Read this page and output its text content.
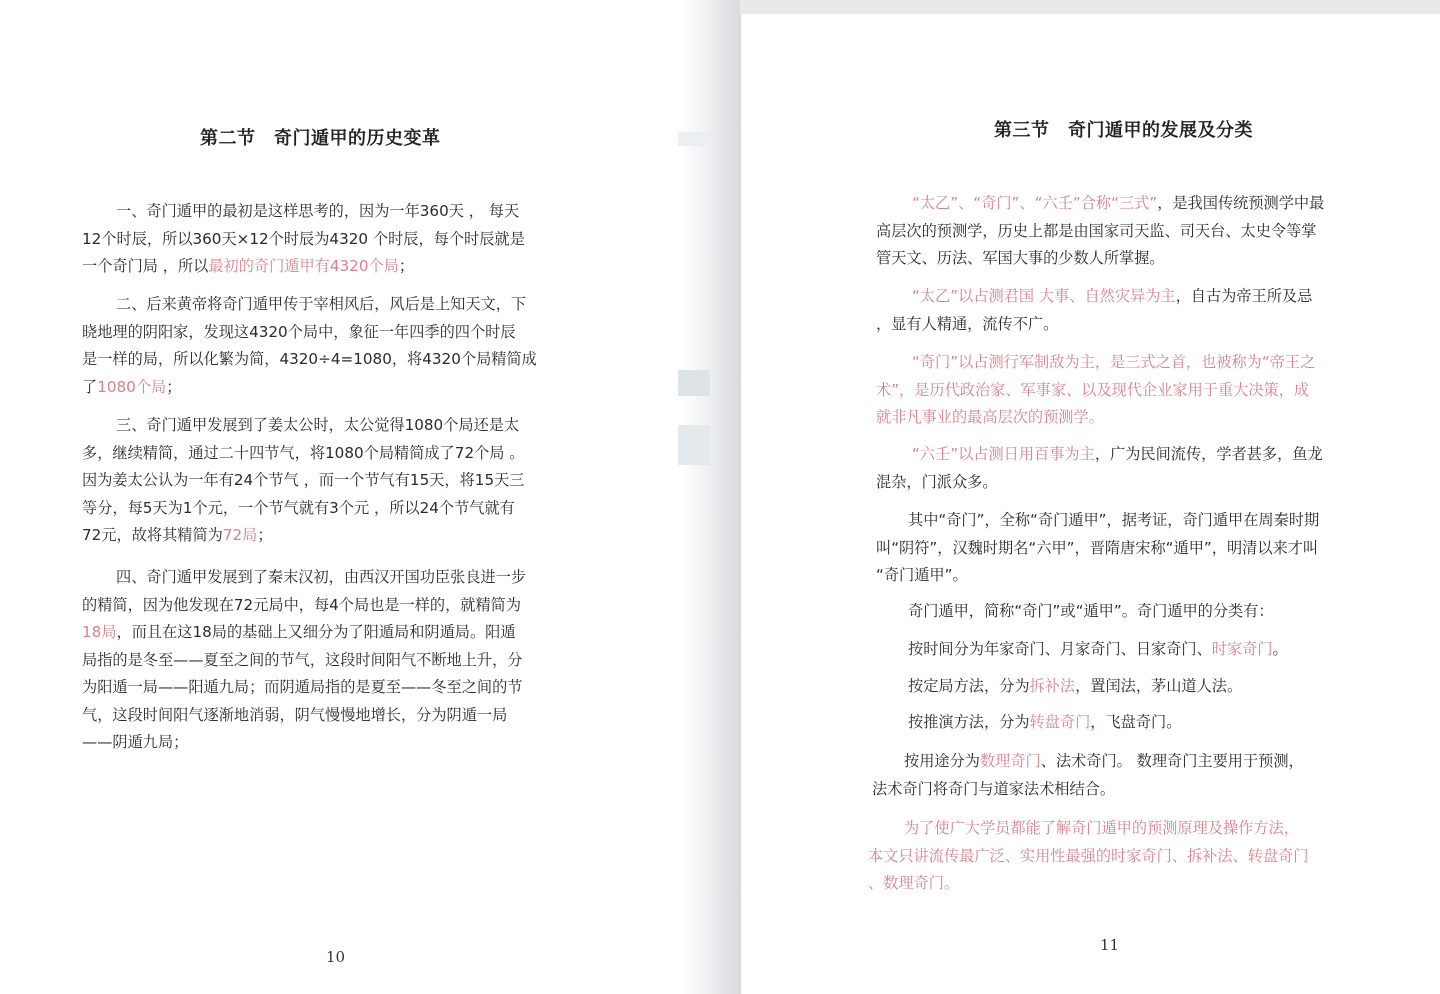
第二节　奇门遁甲的历史变革
一、奇门遁甲的最初是这样思考的，因为一年360天 ， 每天
12个时辰，所以360天×12个时辰为4320 个时辰，每个时辰就是
一个奇门局 ，所以最初的奇门遁甲有4320个局；
二、后来黄帝将奇门遁甲传于宰相风后，风后是上知天文，下
晓地理的阴阳家，发现这4320个局中，象征一年四季的四个时辰
是一样的局，所以化繁为简，4320÷4=1080，将4320个局精简成
了1080个局；
三、奇门遁甲发展到了姜太公时，太公觉得1080个局还是太
多，继续精简，通过二十四节气，将1080个局精简成了72个局 。
因为姜太公认为一年有24个节气 ，而一个节气有15天，将15天三
等分，每5天为1个元，一个节气就有3个元 ，所以24个节气就有
72元，故将其精简为72局；
四、奇门遁甲发展到了秦末汉初，由西汉开国功臣张良进一步
的精简，因为他发现在72元局中，每4个局也是一样的，就精简为
18局，而且在这18局的基础上又细分为了阳遁局和阴遁局。阳遁
局指的是冬至——夏至之间的节气，这段时间阳气不断地上升，分
为阳遁一局——阳遁九局；而阴遁局指的是夏至——冬至之间的节
气，这段时间阳气逐渐地消弱，阴气慢慢地增长，分为阴遁一局
——阴遁九局；
10
第三节　奇门遁甲的发展及分类
“太乙”、“奇门”、“六壬”合称“三式”，是我国传统预测学中最
高层次的预测学，历史上都是由国家司天监、司天台、太史令等掌
管天文、历法、军国大事的少数人所掌握。
“太乙”以占测君国 大事、自然灾异为主，自古为帝王所及忌
，显有人精通，流传不广。
“奇门”以占测行军制敌为主，是三式之首，也被称为“帝王之
术”，是历代政治家、军事家、以及现代企业家用于重大决策，成
就非凡事业的最高层次的预测学。
“六壬”以占测日用百事为主，广为民间流传，学者甚多，鱼龙
混杂，门派众多。
其中“奇门”，全称“奇门遁甲”，据考证，奇门遁甲在周秦时期
叫“阴符”，汉魏时期名“六甲”，晋隋唐宋称“遁甲”，明清以来才叫
“奇门遁甲”。
奇门遁甲，简称“奇门”或“遁甲”。奇门遁甲的分类有：
按时间分为年家奇门、月家奇门、日家奇门、时家奇门。
按定局方法，分为拆补法，置闰法，茅山道人法。
按推演方法，分为转盘奇门，飞盘奇门。
按用途分为数理奇门、法术奇门。 数理奇门主要用于预测，
法术奇门将奇门与道家法术相结合。
为了使广大学员都能了解奇门遁甲的预测原理及操作方法，
本文只讲流传最广泛、实用性最强的时家奇门、拆补法、转盘奇门
、数理奇门。
11
